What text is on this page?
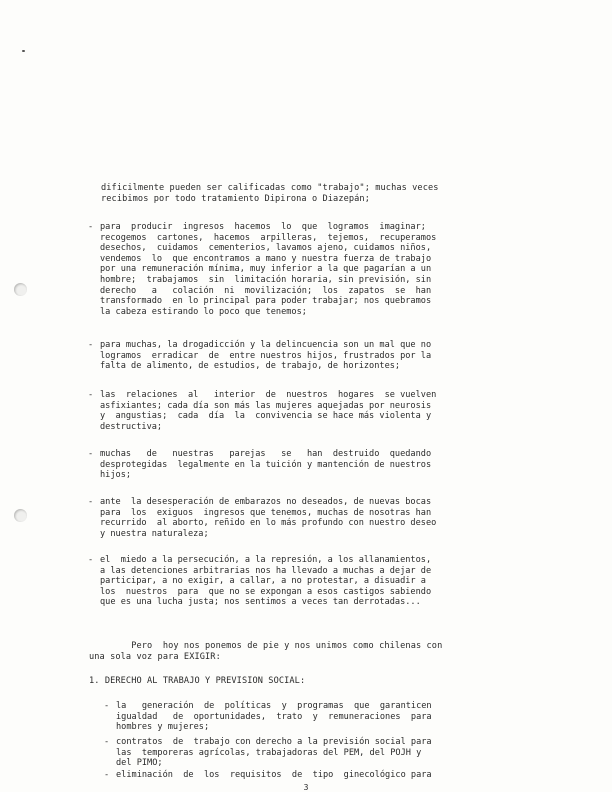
dificilmente pueden ser calificadas como "trabajo"; muchas veces
recibimos por todo tratamiento Dipirona o Diazepán;
- para  producir  ingresos  hacemos  lo  que  logramos  imaginar;
recogemos  cartones,  hacemos  arpilleras,  tejemos,  recuperamos
desechos,  cuidamos  cementerios, lavamos ajeno, cuidamos niños,
vendemos  lo  que encontramos a mano y nuestra fuerza de trabajo
por una remuneración mínima, muy inferior a la que pagarían a un
hombre;  trabajamos  sin  limitación horaria, sin previsión, sin
derecho   a   colación  ni  movilización;  los  zapatos  se  han
transformado  en lo principal para poder trabajar; nos quebramos
la cabeza estirando lo poco que tenemos;
- para muchas, la drogadicción y la delincuencia son un mal que no
logramos  erradicar  de  entre nuestros hijos, frustrados por la
falta de alimento, de estudios, de trabajo, de horizontes;
- las  relaciones  al   interior  de  nuestros  hogares  se vuelven
asfixiantes; cada día son más las mujeres aquejadas por neurosis
y  angustias;  cada  día  la  convivencia se hace más violenta y
destructiva;
- muchas   de   nuestras   parejas   se   han  destruido  quedando
desprotegidas  legalmente en la tuición y mantención de nuestros
hijos;
- ante  la desesperación de embarazos no deseados, de nuevas bocas
para  los  exiguos  ingresos que tenemos, muchas de nosotras han
recurrido  al aborto, reñido en lo más profundo con nuestro deseo
y nuestra naturaleza;
- el  miedo a la persecución, a la represión, a los allanamientos,
a las detenciones arbitrarias nos ha llevado a muchas a dejar de
participar, a no exigir, a callar, a no protestar, a disuadir a
los  nuestros  para  que no se expongan a esos castigos sabiendo
que es una lucha justa; nos sentimos a veces tan derrotadas...
Pero  hoy nos ponemos de pie y nos unimos como chilenas con
una sola voz para EXIGIR:
1. DERECHO AL TRABAJO Y PREVISION SOCIAL:
- la   generación  de  políticas  y  programas  que  garanticen
igualdad   de  oportunidades,  trato  y  remuneraciones  para
hombres y mujeres;
- contratos  de  trabajo con derecho a la previsión social para
las  temporeras agrícolas, trabajadoras del PEM, del POJH y
del PIMO;
- eliminación  de  los  requisitos  de  tipo  ginecológico para
3
